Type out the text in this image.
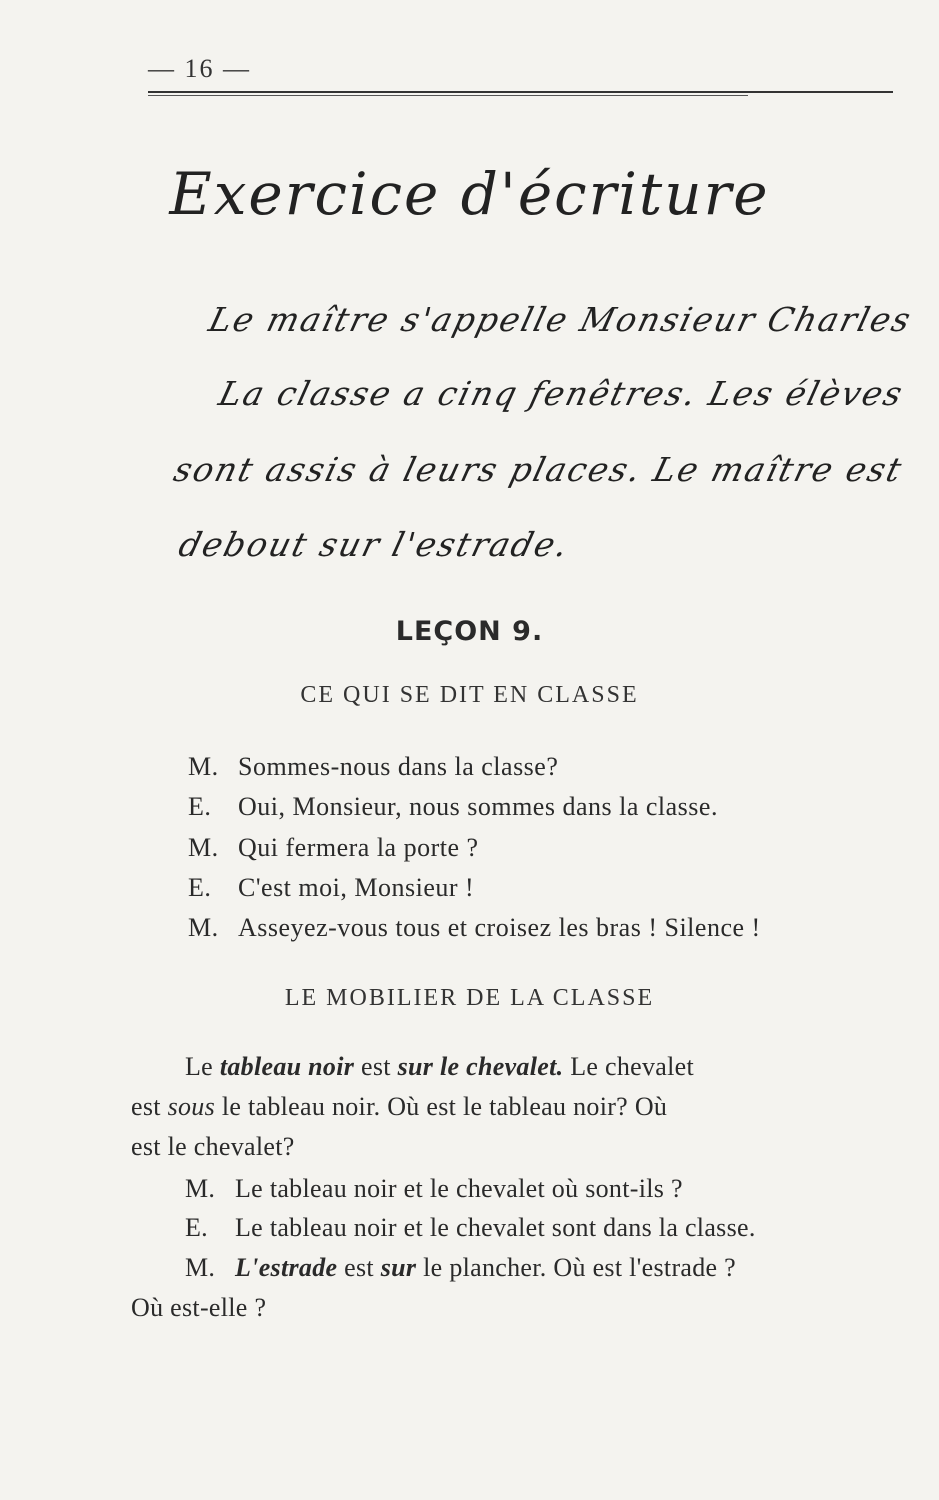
— 16 —
Exercice d'écriture
Le maître s'appelle Monsieur Charles
La classe a cinq fenêtres. Les élèves
sont assis à leurs places. Le maître est
debout sur l'estrade.
LEÇON 9.
CE QUI SE DIT EN CLASSE
M. Sommes-nous dans la classe?
E. Oui, Monsieur, nous sommes dans la classe.
M. Qui fermera la porte ?
E. C'est moi, Monsieur !
M. Asseyez-vous tous et croisez les bras ! Silence !
LE MOBILIER DE LA CLASSE
Le tableau noir est sur le chevalet. Le chevalet
est sous le tableau noir. Où est le tableau noir? Où
est le chevalet?
M. Le tableau noir et le chevalet où sont-ils ?
E. Le tableau noir et le chevalet sont dans la classe.
M. L'estrade est sur le plancher. Où est l'estrade ?
Où est-elle ?
